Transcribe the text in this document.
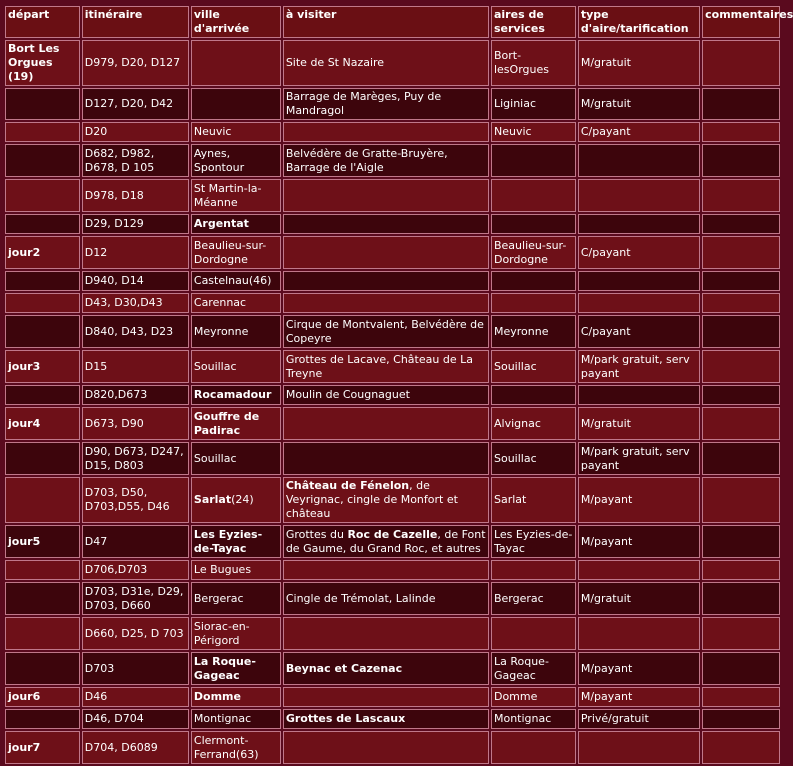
départ	itinéraire	ville d'arrivée	à visiter	aires de services	type d'aire/tarification	commentaires
Bort Les Orgues (19)	D979, D20, D127		Site de St Nazaire	Bort-lesOrgues	M/gratuit	
	D127, D20, D42		Barrage de Marèges, Puy de Mandragol	Liginiac	M/gratuit	
	D20	Neuvic		Neuvic	C/payant	
	D682, D982, D678, D 105	Aynes, Spontour	Belvédère de Gratte-Bruyère, Barrage de l'Aigle			
	D978, D18	St Martin-la-Méanne				
	D29, D129	Argentat				
jour2	D12	Beaulieu-sur-Dordogne		Beaulieu-sur-Dordogne	C/payant	
	D940, D14	Castelnau(46)				
	D43, D30,D43	Carennac				
	D840, D43, D23	Meyronne	Cirque de Montvalent, Belvédère de Copeyre	Meyronne	C/payant	
jour3	D15	Souillac	Grottes de Lacave, Château de La Treyne	Souillac	M/park gratuit, serv payant	
	D820,D673	Rocamadour	Moulin de Cougnaguet			
jour4	D673, D90	Gouffre de Padirac		Alvignac	M/gratuit	
	D90, D673, D247, D15, D803	Souillac		Souillac	M/park gratuit, serv payant	
	D703, D50, D703,D55, D46	Sarlat(24)	Château de Fénelon, de Veyrignac, cingle de Monfort et château	Sarlat	M/payant	
jour5	D47	Les Eyzies-de-Tayac	Grottes du Roc de Cazelle, de Font de Gaume, du Grand Roc, et autres	Les Eyzies-de-Tayac	M/payant	
	D706,D703	Le Bugues				
	D703, D31e, D29, D703, D660	Bergerac	Cingle de Trémolat, Lalinde	Bergerac	M/gratuit	
	D660, D25, D 703	Siorac-en-Périgord				
	D703	La Roque-Gageac	Beynac et Cazenac	La Roque-Gageac	M/payant	
jour6	D46	Domme		Domme	M/payant	
	D46, D704	Montignac	Grottes de Lascaux	Montignac	Privé/gratuit	
jour7	D704, D6089	Clermont-Ferrand(63)				
